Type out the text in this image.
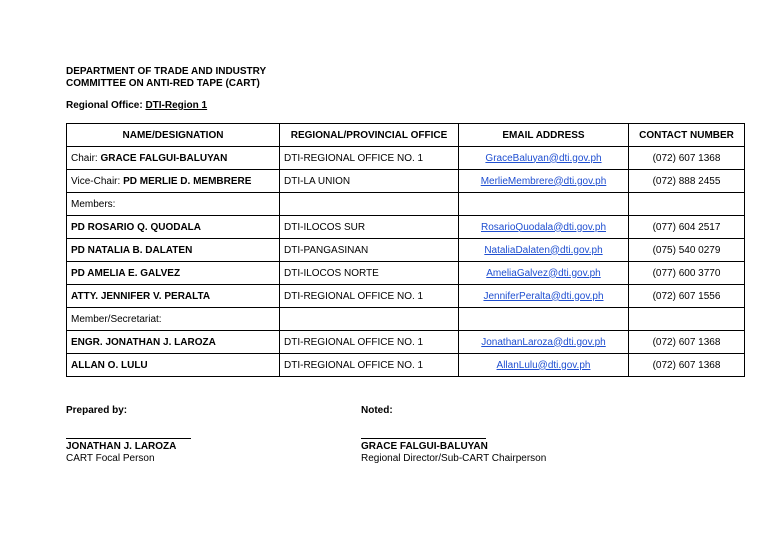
DEPARTMENT OF TRADE AND INDUSTRY
COMMITTEE ON ANTI-RED TAPE (CART)
Regional Office: DTI-Region 1
NAME/DESIGNATION	REGIONAL/PROVINCIAL OFFICE	EMAIL ADDRESS	CONTACT NUMBER
Chair: GRACE FALGUI-BALUYAN	DTI-REGIONAL OFFICE NO. 1	GraceBaluyan@dti.gov.ph	(072) 607 1368
Vice-Chair: PD MERLIE D. MEMBRERE	DTI-LA UNION	MerlieMembrere@dti.gov.ph	(072) 888 2455
Members:			
PD ROSARIO Q. QUODALA	DTI-ILOCOS SUR	RosarioQuodala@dti.gov.ph	(077) 604 2517
PD NATALIA B. DALATEN	DTI-PANGASINAN	NataliaDalaten@dti.gov.ph	(075) 540 0279
PD AMELIA E. GALVEZ	DTI-ILOCOS NORTE	AmeliaGalvez@dti.gov.ph	(077) 600 3770
ATTY. JENNIFER V. PERALTA	DTI-REGIONAL OFFICE NO. 1	JenniferPeralta@dti.gov.ph	(072) 607 1556
Member/Secretariat:			
ENGR. JONATHAN J. LAROZA	DTI-REGIONAL OFFICE NO. 1	JonathanLaroza@dti.gov.ph	(072) 607 1368
ALLAN O. LULU	DTI-REGIONAL OFFICE NO. 1	AllanLulu@dti.gov.ph	(072) 607 1368
Prepared by:
JONATHAN J. LAROZA
CART Focal Person
Noted:
GRACE FALGUI-BALUYAN
Regional Director/Sub-CART Chairperson
